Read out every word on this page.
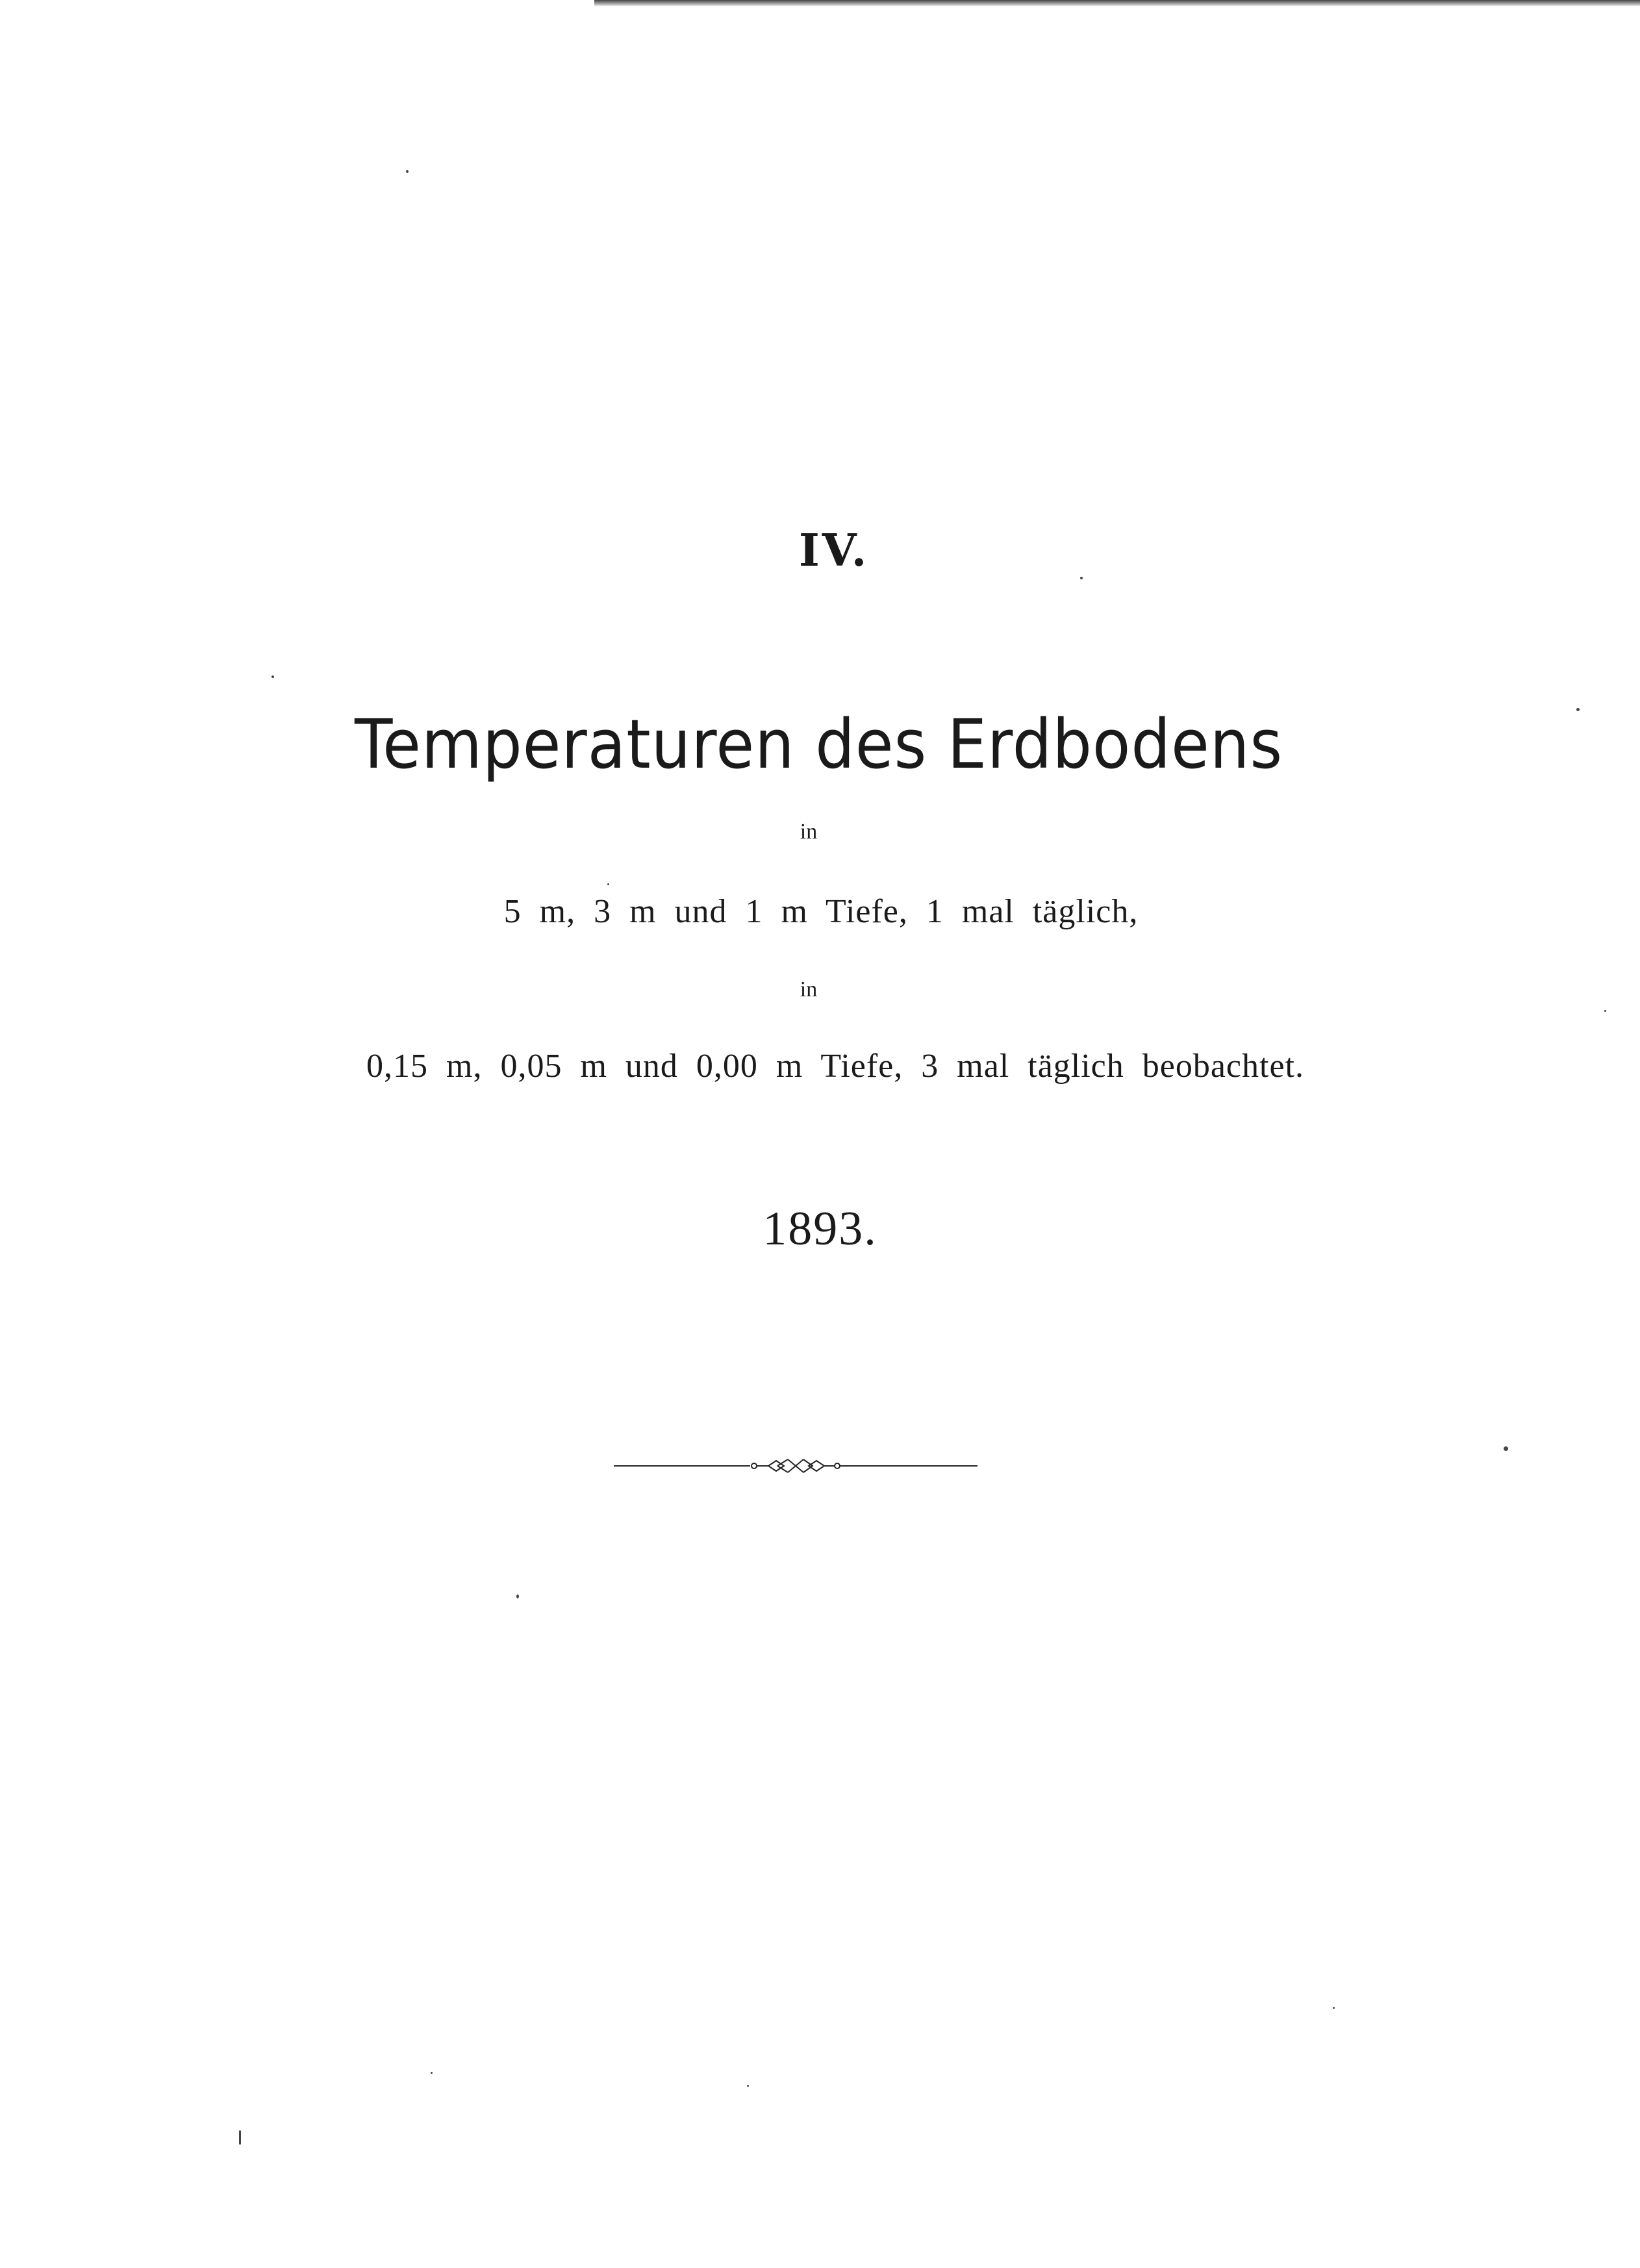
IV.
Temperaturen des Erdbodens
in
5 m, 3 m und 1 m Tiefe, 1 mal täglich,
in
0,15 m, 0,05 m und 0,00 m Tiefe, 3 mal täglich beobachtet.
1893.
